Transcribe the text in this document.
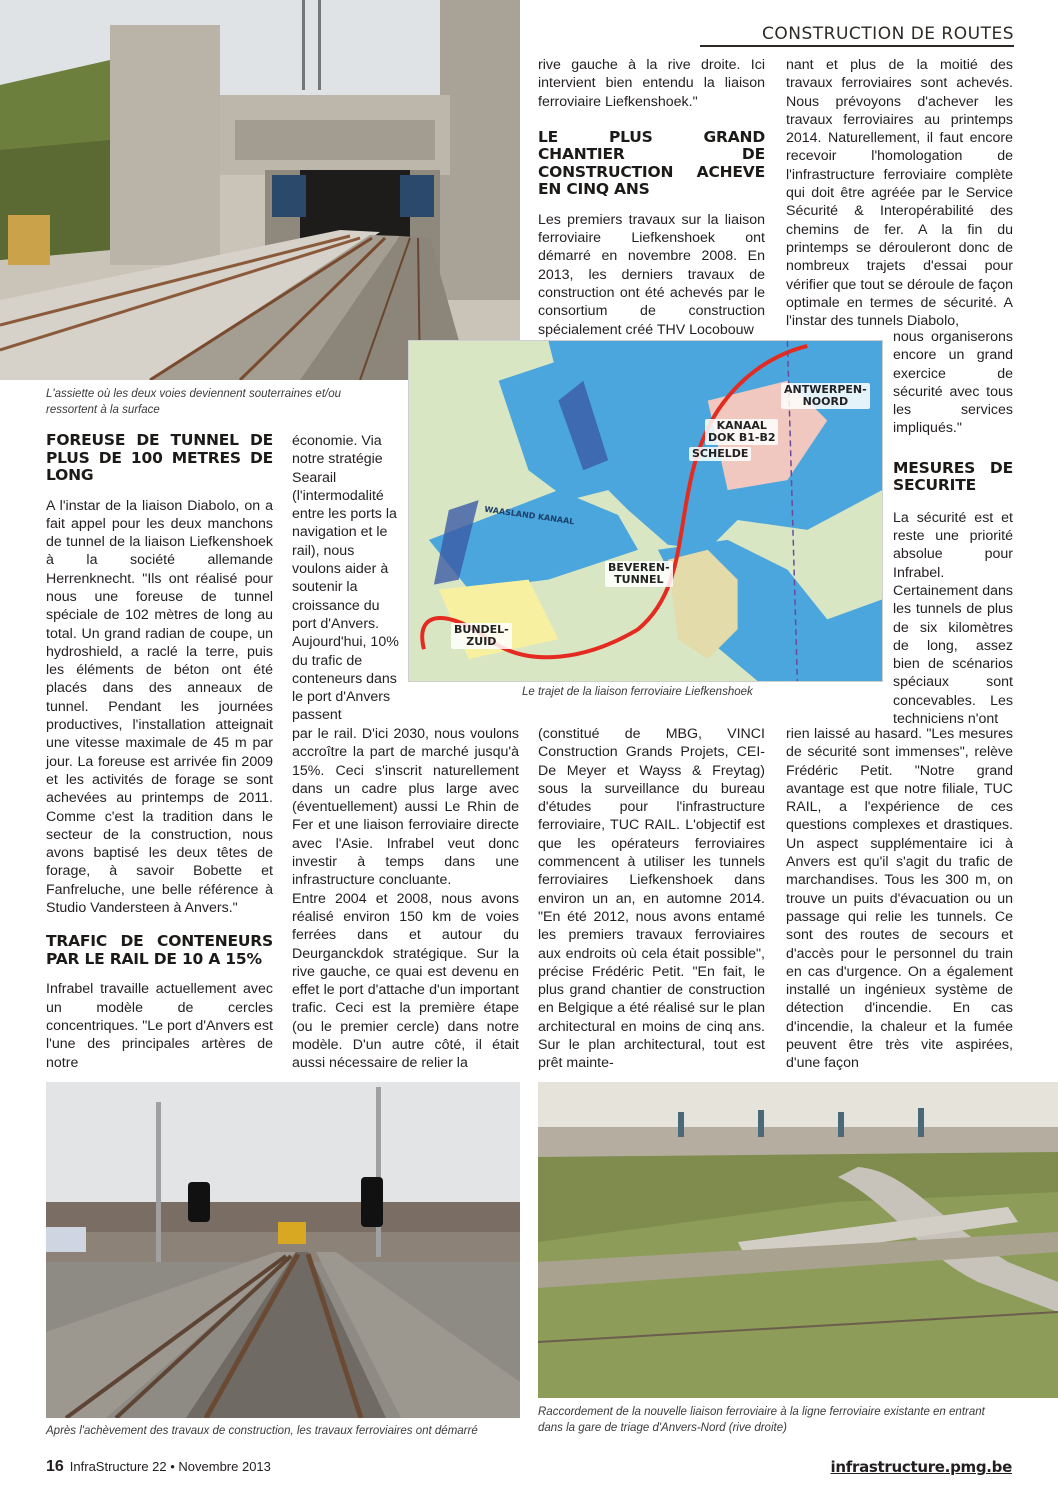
CONSTRUCTION DE ROUTES
L'assiette où les deux voies deviennent souterraines et/ou ressortent à la surface
ANTWERPEN-
NOORD
KANAAL
DOK B1-B2
SCHELDE
BEVEREN-
TUNNEL
BUNDEL-
ZUID
WAASLAND KANAAL
Le trajet de la liaison ferroviaire Liefkenshoek
FOREUSE DE TUNNEL DE PLUS DE 100 METRES DE LONG

A l'instar de la liaison Diabolo, on a fait appel pour les deux manchons de tunnel de la liaison Liefkenshoek à la société allemande Herrenknecht. "Ils ont réalisé pour nous une foreuse de tunnel spéciale de 102 mètres de long au total. Un grand radian de coupe, un hydroshield, a raclé la terre, puis les éléments de béton ont été placés dans des anneaux de tunnel. Pendant les journées productives, l'installation atteignait une vitesse maximale de 45 m par jour. La foreuse est arrivée fin 2009 et les activités de forage se sont achevées au printemps de 2011. Comme c'est la tradition dans le secteur de la construction, nous avons baptisé les deux têtes de forage, à savoir Bobette et Fanfreluche, une belle référence à Studio Vandersteen à Anvers."

TRAFIC DE CONTENEURS PAR LE RAIL DE 10 A 15%

Infrabel travaille actuellement avec un modèle de cercles concentriques. "Le port d'Anvers est l'une des principales artères de notre

économie. Via notre stratégie Searail (l'intermodalité entre les ports la navigation et le rail), nous voulons aider à soutenir la croissance du port d'Anvers. Aujourd'hui, 10% du trafic de conteneurs dans le port d'Anvers passent

par le rail. D'ici 2030, nous voulons accroître la part de marché jusqu'à 15%. Ceci s'inscrit naturellement dans un cadre plus large avec (éventuellement) aussi Le Rhin de Fer et une liaison ferroviaire directe avec l'Asie. Infrabel veut donc investir à temps dans une infrastructure concluante.

Entre 2004 et 2008, nous avons réalisé environ 150 km de voies ferrées dans et autour du Deurganckdok stratégique. Sur la rive gauche, ce quai est devenu en effet le port d'attache d'un important trafic. Ceci est la première étape (ou le premier cercle) dans notre modèle. D'un autre côté, il était aussi nécessaire de relier la

rive gauche à la rive droite. Ici intervient bien entendu la liaison ferroviaire Liefkenshoek."

LE PLUS GRAND CHANTIER DE CONSTRUCTION ACHEVE EN CINQ ANS

Les premiers travaux sur la liaison ferroviaire Liefkenshoek ont démarré en novembre 2008. En 2013, les derniers travaux de construction ont été achevés par le consortium de construction spécialement créé THV Locobouw

(constitué de MBG, VINCI Construction Grands Projets, CEI-De Meyer et Wayss & Freytag) sous la surveillance du bureau d'études pour l'infrastructure ferroviaire, TUC RAIL. L'objectif est que les opérateurs ferroviaires commencent à utiliser les tunnels ferroviaires Liefkenshoek dans environ un an, en automne 2014. "En été 2012, nous avons entamé les premiers travaux ferroviaires aux endroits où cela était possible", précise Frédéric Petit. "En fait, le plus grand chantier de construction en Belgique a été réalisé sur le plan architectural en moins de cinq ans. Sur le plan architectural, tout est prêt mainte-

nant et plus de la moitié des travaux ferroviaires sont achevés. Nous prévoyons d'achever les travaux ferroviaires au printemps 2014. Naturellement, il faut encore recevoir l'homologation de l'infrastructure ferroviaire complète qui doit être agréée par le Service Sécurité & Interopérabilité des chemins de fer. A la fin du printemps se dérouleront donc de nombreux trajets d'essai pour vérifier que tout se déroule de façon optimale en termes de sécurité. A l'instar des tunnels Diabolo,

nous organiserons encore un grand exercice de sécurité avec tous les services impliqués."

MESURES DE SECURITE

La sécurité est et reste une priorité absolue pour Infrabel. Certainement dans les tunnels de plus de six kilomètres de long, assez bien de scénarios spéciaux sont concevables. Les techniciens n'ont

rien laissé au hasard. "Les mesures de sécurité sont immenses", relève Frédéric Petit. "Notre grand avantage est que notre filiale, TUC RAIL, a l'expérience de ces questions complexes et drastiques. Un aspect supplémentaire ici à Anvers est qu'il s'agit du trafic de marchandises. Tous les 300 m, on trouve un puits d'évacuation ou un passage qui relie les tunnels. Ce sont des routes de secours et d'accès pour le personnel du train en cas d'urgence. On a également installé un ingénieux système de détection d'incendie. En cas d'incendie, la chaleur et la fumée peuvent être très vite aspirées, d'une façon

Après l'achèvement des travaux de construction, les travaux ferroviaires ont démarré
Raccordement de la nouvelle liaison ferroviaire à la ligne ferroviaire existante en entrant dans la gare de triage d'Anvers-Nord (rive droite)
16 InfraStructure 22 • Novembre 2013	infrastructure.pmg.be
